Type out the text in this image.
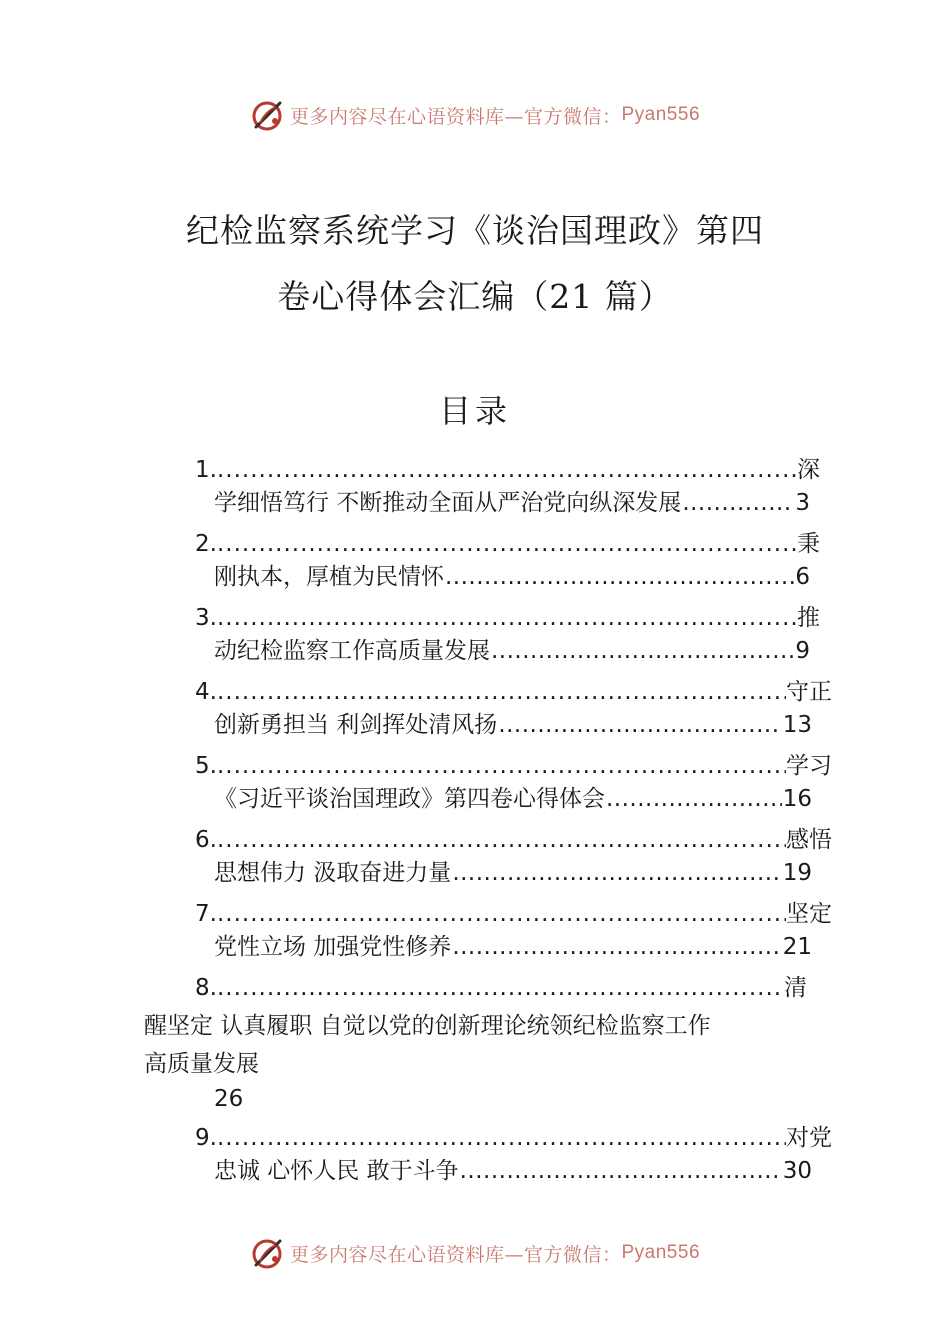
更多内容尽在心语资料库—官方微信： Pyan556
纪检监察系统学习《谈治国理政》第四
卷心得体会汇编（21 篇）
目录
1. .....	深
学细悟笃行 不断推动全面从严治党向纵深发展 .....	3
2. .....	秉
刚执本，厚植为民情怀 .....	6
3. .....	推
动纪检监察工作高质量发展 .....	9
4. .....	守正
创新勇担当 利剑挥处清风扬 .....	13
5. .....	学习
《习近平谈治国理政》第四卷心得体会 .....	16
6. .....	感悟
思想伟力 汲取奋进力量 .....	19
7. .....	坚定
党性立场 加强党性修养 .....	21
8. .....	清
醒坚定 认真履职 自觉以党的创新理论统领纪检监察工作
高质量发展
26
9. .....	对党
忠诚 心怀人民 敢于斗争 .....	30
更多内容尽在心语资料库—官方微信： Pyan556
